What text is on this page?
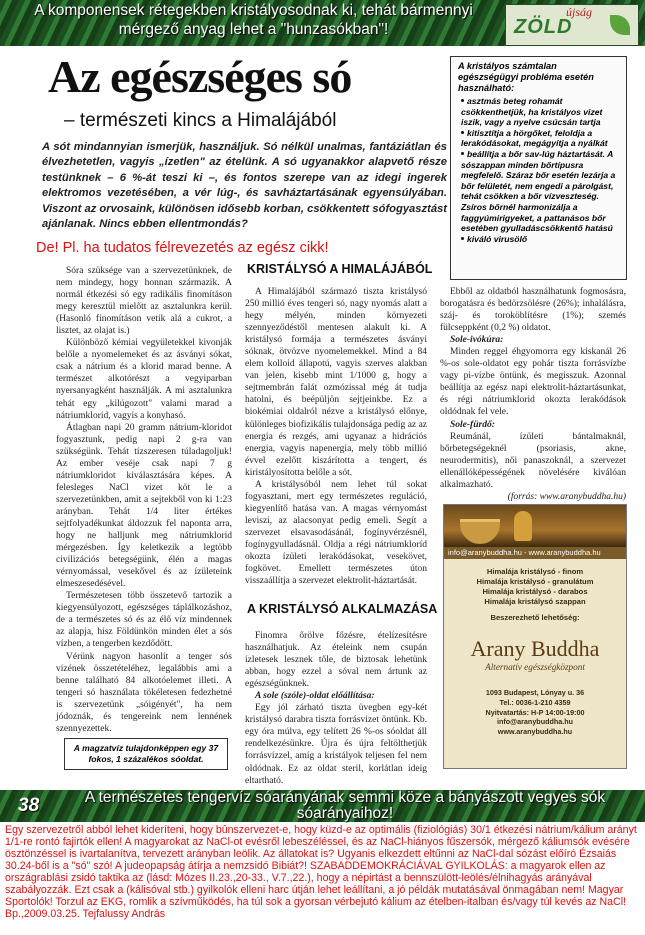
A komponensek rétegekben kristályosodnak ki, tehát bármennyi mérgező anyag lehet a "hunzasókban"!
újság
ZÖLD
Az egészséges só
– természeti kincs a Himalájából
A sót mindannyian ismerjük, használjuk. Só nélkül unalmas, fantáziátlan és élvezhetetlen, vagyis „ízetlen" az ételünk. A só ugyanakkor alapvető része testünknek – 6 %-át teszi ki –, és fontos szerepe van az idegi ingerek elektromos vezetésében, a vér lúg-, és savháztartásának egyensúlyában. Viszont az orvosaink, különösen idősebb korban, csökkentett sófogyasztást ajánlanak. Nincs ebben ellentmondás?
De! Pl. ha tudatos félrevezetés az egész cikk!
A kristályos számtalan egészségügyi probléma esetén használható:
asztmás beteg rohamát csökkenthetjük, ha kristályos vizet iszik, vagy a nyelve csúcsán tartja
kitisztítja a hörgőket, feloldja a lerakódásokat, megágyítja a nyálkát
beállítja a bőr sav-lúg háztartását. A sószappan minden bőrtípusra megfelelő. Száraz bőr esetén lezárja a bőr felületét, nem engedi a párolgást, tehát csökken a bőr vízveszteség. Zsíros bőrnél harmonizálja a faggyúmirigyeket, a pattanásos bőr esetében gyulladáscsökkentő hatású
kiváló virusölő

Sóra szüksége van a szervezetünknek, de nem mindegy, hogy honnan származik. A normál étkezési só egy radikális finomításon megy keresztül mielőtt az asztalunkra kerül. (Hasonló finomításon vetik alá a cukrot, a lisztet, az olajat is.)

Különböző kémiai vegyületekkel kivonják belőle a nyomelemeket és az ásványi sókat, csak a nátrium és a klorid marad benne. A természet alkotórészt a vegyiparban nyersanyagként használják. A mi asztalunkra tehát egy „kilúgozott" valami marad a nátriumkloríd, vagyis a konyhasó.

Átlagban napi 20 gramm nátrium-kloridot fogyasztunk, pedig napi 2 g-ra van szükségünk. Tehát tízszeresen túladagoljuk! Az ember veséje csak napi 7 g nátriumkloridot kiválasztására képes. A felesleges NaCl vizet köt le a szervezetünkben, amit a sejtekből von ki 1:23 arányban. Tehát 1/4 liter értékes sejtfolyadékunkat áldozzuk fel naponta arra, hogy ne halljunk meg nátriumklorid mérgezésben. Így keletkezik a legtöbb civilizációs betegségünk, élén a magas vérnyomással, vesekővel és az ízületeink elmeszesedésével.

Természetesen több összetevő tartozik a kiegyensúlyozott, egészséges táplálkozáshoz, de a természetes só és az élő víz mindennek az alapja, hisz Földünkön minden élet a sós vízben, a tengerben kezdődött.

Vérünk nagyon hasonlít a tenger sós vizének összetételéhez, legalábbis ami a benne található 84 alkotóelemet illeti. A tengeri só használata tökéletesen fedezhetné is szervezetünk „sóigényét", ha nem jódoznák, és tengereink nem lennének szennyezettek.

A magzatvíz tulajdonképpen egy 37 fokos, 1 százalékos sóoldat.
KRISTÁLYSÓ A HIMALÁJÁBÓL

A Himalájából származó tiszta kristálysó 250 millió éves tengeri só, nagy nyomás alatt a hegy mélyén, minden környezeti szennyeződéstől mentesen alakult ki. A kristálysó formája a természetes ásványi sóknak, ötvözve nyomelemekkel. Mind a 84 elem kolloid állapotú, vagyis szerves alakban van jelen, kisebb mint 1/1000 g, hogy a sejtmembrán falát ozmózissal még át tudja hatolni, és beépüljön sejtjeinkbe. Ez a biokémiai oldalról nézve a kristálysó előnye, különleges biofizikális tulajdonsága pedig az az energia és rezgés, ami ugyanaz a hidrációs energia, vagyis napenergia, mely több millió évvel ezelőtt kiszárította a tengert, és kiristályosította belőle a sót.

A kristálysóból nem lehet túl sokat fogyasztani, mert egy természetes reguláció, kiegyenlítő hatása van. A magas vérnyomást leviszi, az alacsonyat pedig emeli. Segít a szervezet elsavasodásánál, fogínyvérzésnél, fogínygyulladásnál. Oldja a régi nátriumkloríd okozta ízületi lerakódásokat, vesekövet, fogkövet. Emellett természetes úton visszaállítja a szervezet elektrolit-háztartását.

A KRISTÁLYSÓ ALKALMAZÁSA

Finomra őrölve főzésre, ételízesítésre használhatjuk. Az ételeink nem csupán ízletesek lesznek tőle, de biztosak lehetünk abban, hogy ezzel a sóval nem ártunk az egészségünknek.

A sole (szóle)-oldat előállítása:

Egy jól zárható tiszta üvegben egy-két kristálysó darabra tiszta forrásvizet öntünk. Kb. egy óra múlva, egy telített 26 %-os sóoldat áll rendelkezésünkre. Újra és újra feltölthetjük forrásvízzel, amíg a kristályok teljesen fel nem oldódnak. Ez az oldat steril, korlátlan ideig eltartható.

Ebből az oldatból használhatunk fogmosásra, borogatásra és bedörzsölésre (26%); inhalálásra, száj- és toroköblítésre (1%); szemés fülcseppként (0,2 %) oldatot.

Sole-ivókúra:

Minden reggel éhgyomorra egy kiskanál 26 %-os sole-oldatot egy pohár tiszta forrásvízbe vagy pi-vízbe öntünk, és megisszuk. Azonnal beállítja az egész napi elektrolit-háztartásunkat, és régi nátriumklorid okozta lerakódások oldódnak fel vele.

Sole-fürdő:

Reumánál, ízületi bántalmaknál, bőrbetegségeknél (psoriasis, akne, neurodermitis), női panaszoknál, a szervezet ellenállóképességének növelésére kiválóan alkalmazható.

(forrás: www.aranybuddha.hu)

info@aranybuddha.hu - www.aranybuddha.hu
Himalája kristálysó - finom
Himalája kristálysó - granulátum
Himalája kristálysó - darabos
Himalája kristálysó szappan
Beszerezhető lehetőség:
Arany Buddha
Alternatív egészségközpont
1093 Budapest, Lónyay u. 36
Tel.: 0036-1-210 4359
Nyitvatartás: H-P 14:00-19:00
info@aranybuddha.hu
www.aranybuddha.hu
38	A természetes tengervíz sóarányának semmi köze a bányászott vegyes sók sóarányaihoz!
Egy szervezetről abból lehet kideríteni, hogy bûnszervezet-e, hogy küzd-e az optimális (fiziológiás) 30/1 étkezési nátrium/kálium arányt 1/1-re rontó fajirtók ellen! A magyarokat az NaCl-ot evésről lebeszéléssel, és az NaCl-hiányos fűszersók, mérgező káliumsók evésére ösztönzéssel is ivartalanítva, tervezett arányban leölik. Az állatokat is? Ugyanis elkezdett eltűnni az NaCl-dal sózást előíró Ézsaiás 30.24-ből is a "só" szó! A judeopapság átírja a nemzsidó Bibiát?! SZABADDEMOKRÁCIÁVAL GYILKOLÁS: a magyarok ellen az országrablási zsidó taktika az (lásd: Mózes II.23.,20-33., V.7.,22.), hogy a népirtást a bennszülött-leölés/élnihagyás arányával szabályozzák. Ezt csak a (kálisóval stb.) gyilkolók elleni harc útján lehet leállítani, a jó példák mutatásával önmagában nem! Magyar Sportolók! Torzul az EKG, romlik a szívműködés, ha túl sok a gyorsan vérbejutó kálium az ételben-italban és/vagy túl kevés az NaCl! Bp.,2009.03.25. Tejfalussy András
